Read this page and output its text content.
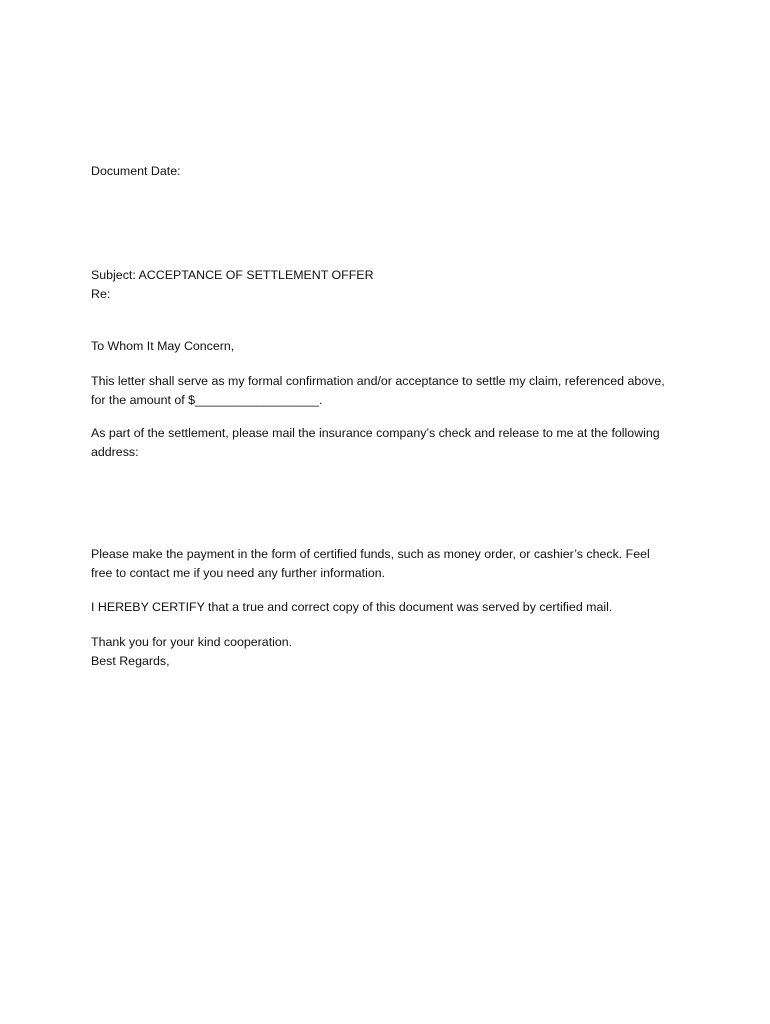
Document Date:

Subject: ACCEPTANCE OF SETTLEMENT OFFER

Re:

To Whom It May Concern,

This letter shall serve as my formal confirmation and/or acceptance to settle my claim, referenced above,

for the amount of $__________________.

As part of the settlement, please mail the insurance company’s check and release to me at the following

address:

Please make the payment in the form of certified funds, such as money order, or cashier’s check. Feel

free to contact me if you need any further information.

I HEREBY CERTIFY that a true and correct copy of this document was served by certified mail.

Thank you for your kind cooperation.

Best Regards,
